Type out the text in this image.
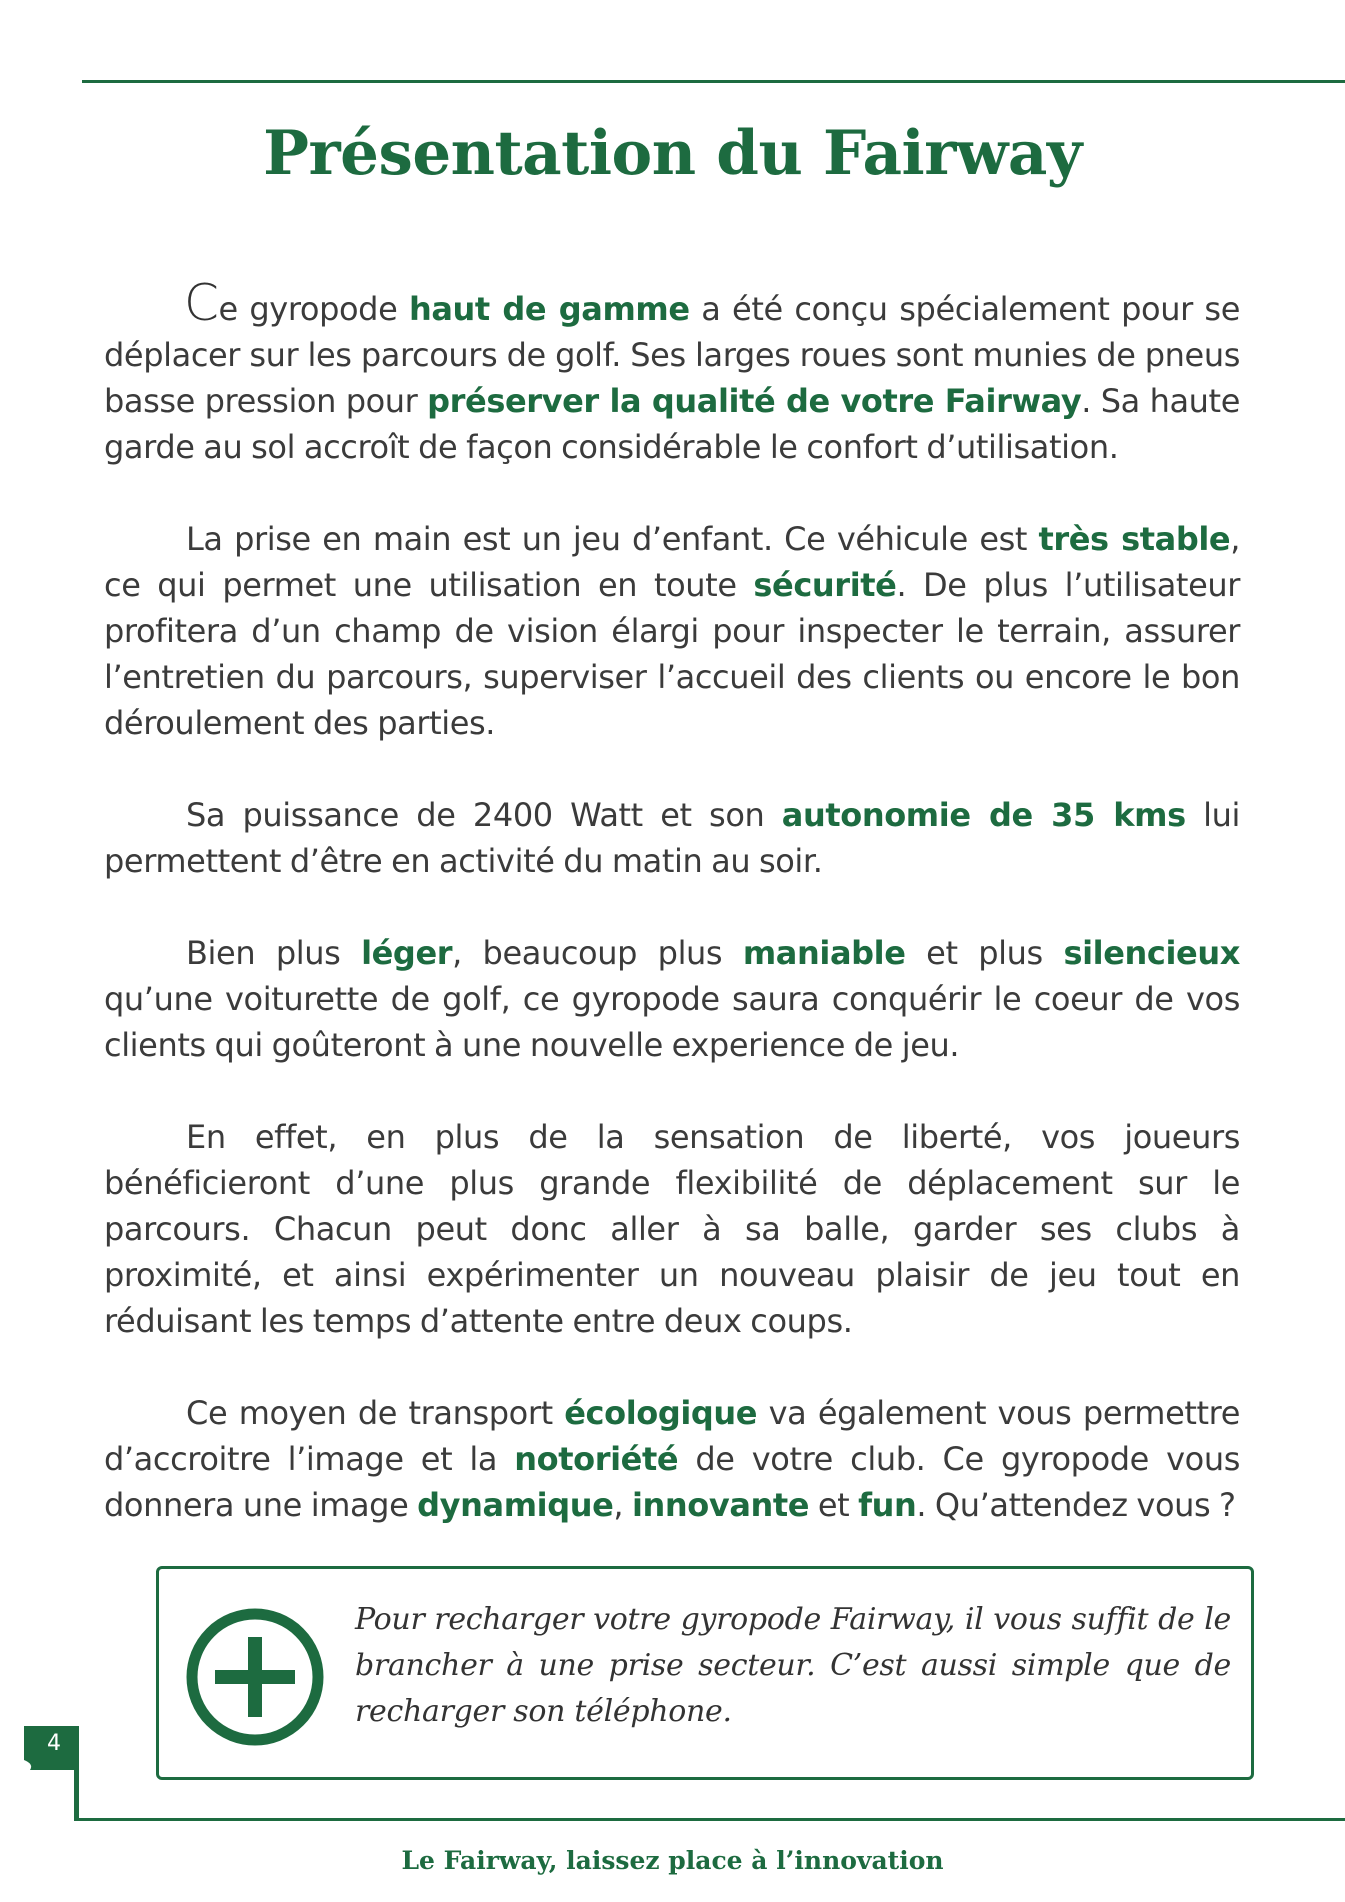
Présentation du Fairway

Ce gyropode haut de gamme a été conçu spécialement pour se déplacer sur les parcours de golf. Ses larges roues sont munies de pneus basse pression pour préserver la qualité de votre Fairway. Sa haute garde au sol accroît de façon considérable le confort d’utilisation.

La prise en main est un jeu d’enfant. Ce véhicule est très stable, ce qui permet une utilisation en toute sécurité. De plus l’utilisateur profitera d’un champ de vision élargi pour inspecter le terrain, assurer l’entretien du parcours, superviser l’accueil des clients ou encore le bon déroulement des parties.

Sa puissance de 2400 Watt et son autonomie de 35 kms lui permettent d’être en activité du matin au soir.

Bien plus léger, beaucoup plus maniable et plus silencieux qu’une voiturette de golf, ce gyropode saura conquérir le coeur de vos clients qui goûteront à une nouvelle experience de jeu.

En effet, en plus de la sensation de liberté, vos joueurs bénéficieront d’une plus grande flexibilité de déplacement sur le parcours. Chacun peut donc aller à sa balle, garder ses clubs à proximité, et ainsi expérimenter un nouveau plaisir de jeu tout en réduisant les temps d’attente entre deux coups.

Ce moyen de transport écologique va également vous permettre d’accroitre l’image et la notoriété de votre club. Ce gyropode vous donnera une image dynamique, innovante et fun. Qu’attendez vous ?

Pour recharger votre gyropode Fairway, il vous suffit de le brancher à une prise secteur. C’est aussi simple que de recharger son téléphone.
4
Le Fairway, laissez place à l’innovation
